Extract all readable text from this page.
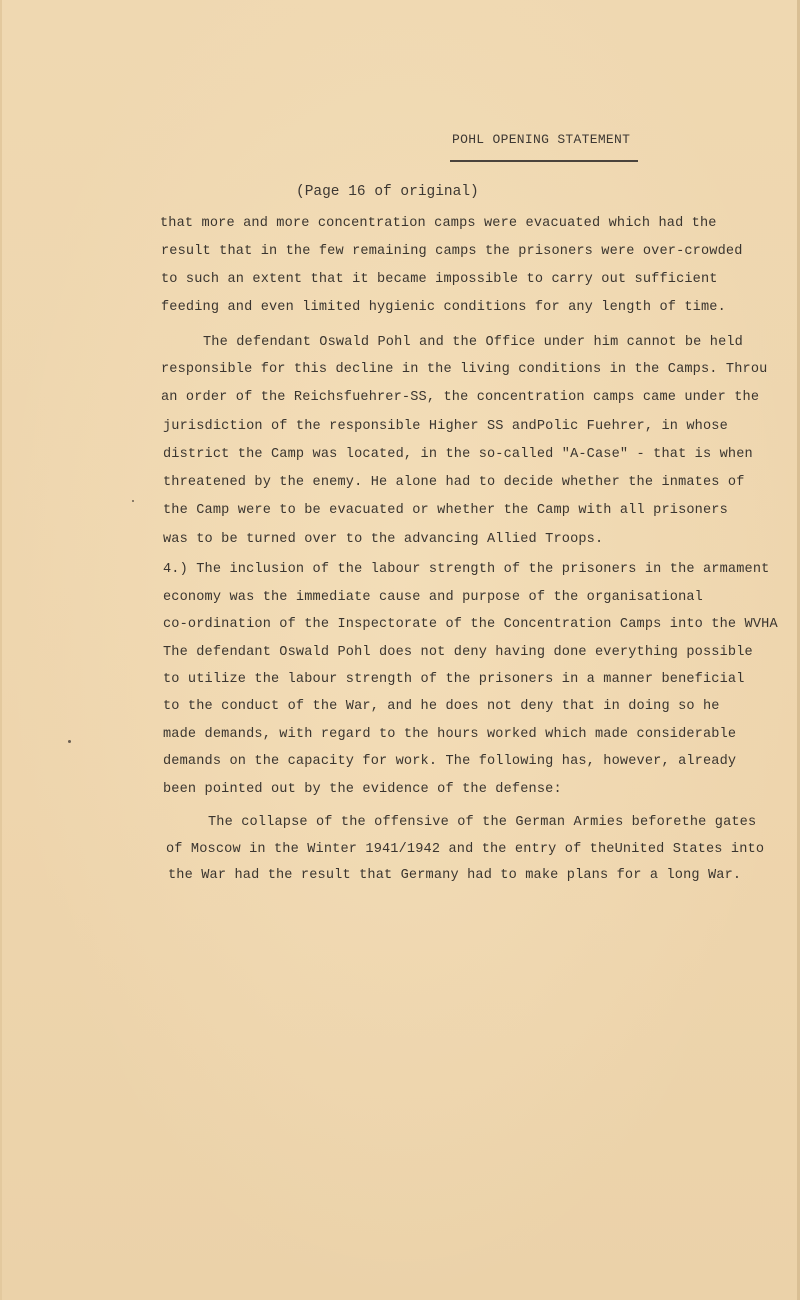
POHL OPENING STATEMENT
(Page 16 of original)
that more and more concentration camps were evacuated which had the
result that in the few remaining camps the prisoners were over-crowded
to such an extent that it became impossible to carry out sufficient
feeding and even limited hygienic conditions for any length of time.
The defendant Oswald Pohl and the Office under him cannot be held
responsible for this decline in the living conditions in the Camps. Throu
an order of the Reichsfuehrer-SS, the concentration camps came under the
jurisdiction of the responsible Higher SS andPolic Fuehrer, in whose
district the Camp was located, in the so-called "A-Case" - that is when
threatened by the enemy. He alone had to decide whether the inmates of
the Camp were to be evacuated or whether the Camp with all prisoners
was to be turned over to the advancing Allied Troops.
4.) The inclusion of the labour strength of the prisoners in the armament
economy was the immediate cause and purpose of the organisational
co-ordination of the Inspectorate of the Concentration Camps into the WVHA
The defendant Oswald Pohl does not deny having done everything possible
to utilize the labour strength of the prisoners in a manner beneficial
to the conduct of the War, and he does not deny that in doing so he
made demands, with regard to the hours worked which made considerable
demands on the capacity for work. The following has, however, already
been pointed out by the evidence of the defense:
The collapse of the offensive of the German Armies beforethe gates
of Moscow in the Winter 1941/1942 and the entry of theUnited States into
the War had the result that Germany had to make plans for a long War.
